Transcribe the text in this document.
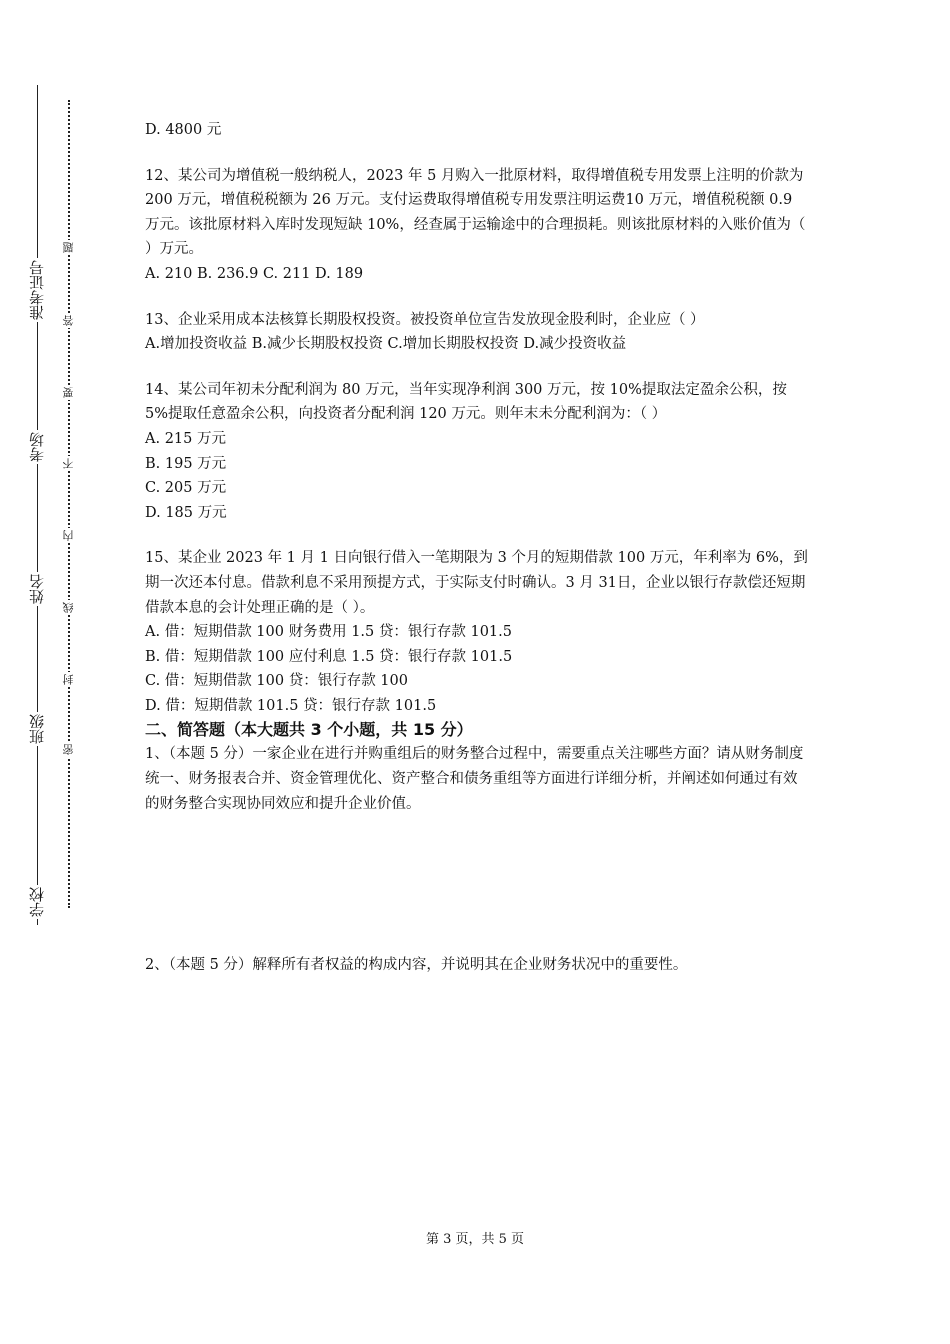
准考证号
考场
姓名
班级
学校
题
答
要
不
内
线
封
密

D. 4800 元

12、某公司为增值税一般纳税人，2023 年 5 月购入一批原材料，取得增值税专用发票上注明的价款为 200 万元，增值税税额为 26 万元。支付运费取得增值税专用发票注明运费10 万元，增值税税额 0.9 万元。该批原材料入库时发现短缺 10%，经查属于运输途中的合理损耗。则该批原材料的入账价值为（ ）万元。

A. 210 B. 236.9 C. 211 D. 189

13、企业采用成本法核算长期股权投资。被投资单位宣告发放现金股利时，企业应（ ）

A.增加投资收益 B.减少长期股权投资 C.增加长期股权投资 D.减少投资收益

14、某公司年初未分配利润为 80 万元，当年实现净利润 300 万元，按 10%提取法定盈余公积，按 5%提取任意盈余公积，向投资者分配利润 120 万元。则年末未分配利润为：（ ）

A. 215 万元

B. 195 万元

C. 205 万元

D. 185 万元

15、某企业 2023 年 1 月 1 日向银行借入一笔期限为 3 个月的短期借款 100 万元，年利率为 6%，到期一次还本付息。借款利息不采用预提方式，于实际支付时确认。3 月 31日，企业以银行存款偿还短期借款本息的会计处理正确的是（ ）。

A. 借：短期借款 100 财务费用 1.5 贷：银行存款 101.5

B. 借：短期借款 100 应付利息 1.5 贷：银行存款 101.5

C. 借：短期借款 100 贷：银行存款 100

D. 借：短期借款 101.5 贷：银行存款 101.5

二、简答题（本大题共 3 个小题，共 15 分）

1、（本题 5 分）一家企业在进行并购重组后的财务整合过程中，需要重点关注哪些方面？请从财务制度统一、财务报表合并、资金管理优化、资产整合和债务重组等方面进行详细分析，并阐述如何通过有效的财务整合实现协同效应和提升企业价值。

2、（本题 5 分）解释所有者权益的构成内容，并说明其在企业财务状况中的重要性。

第 3 页，共 5 页
